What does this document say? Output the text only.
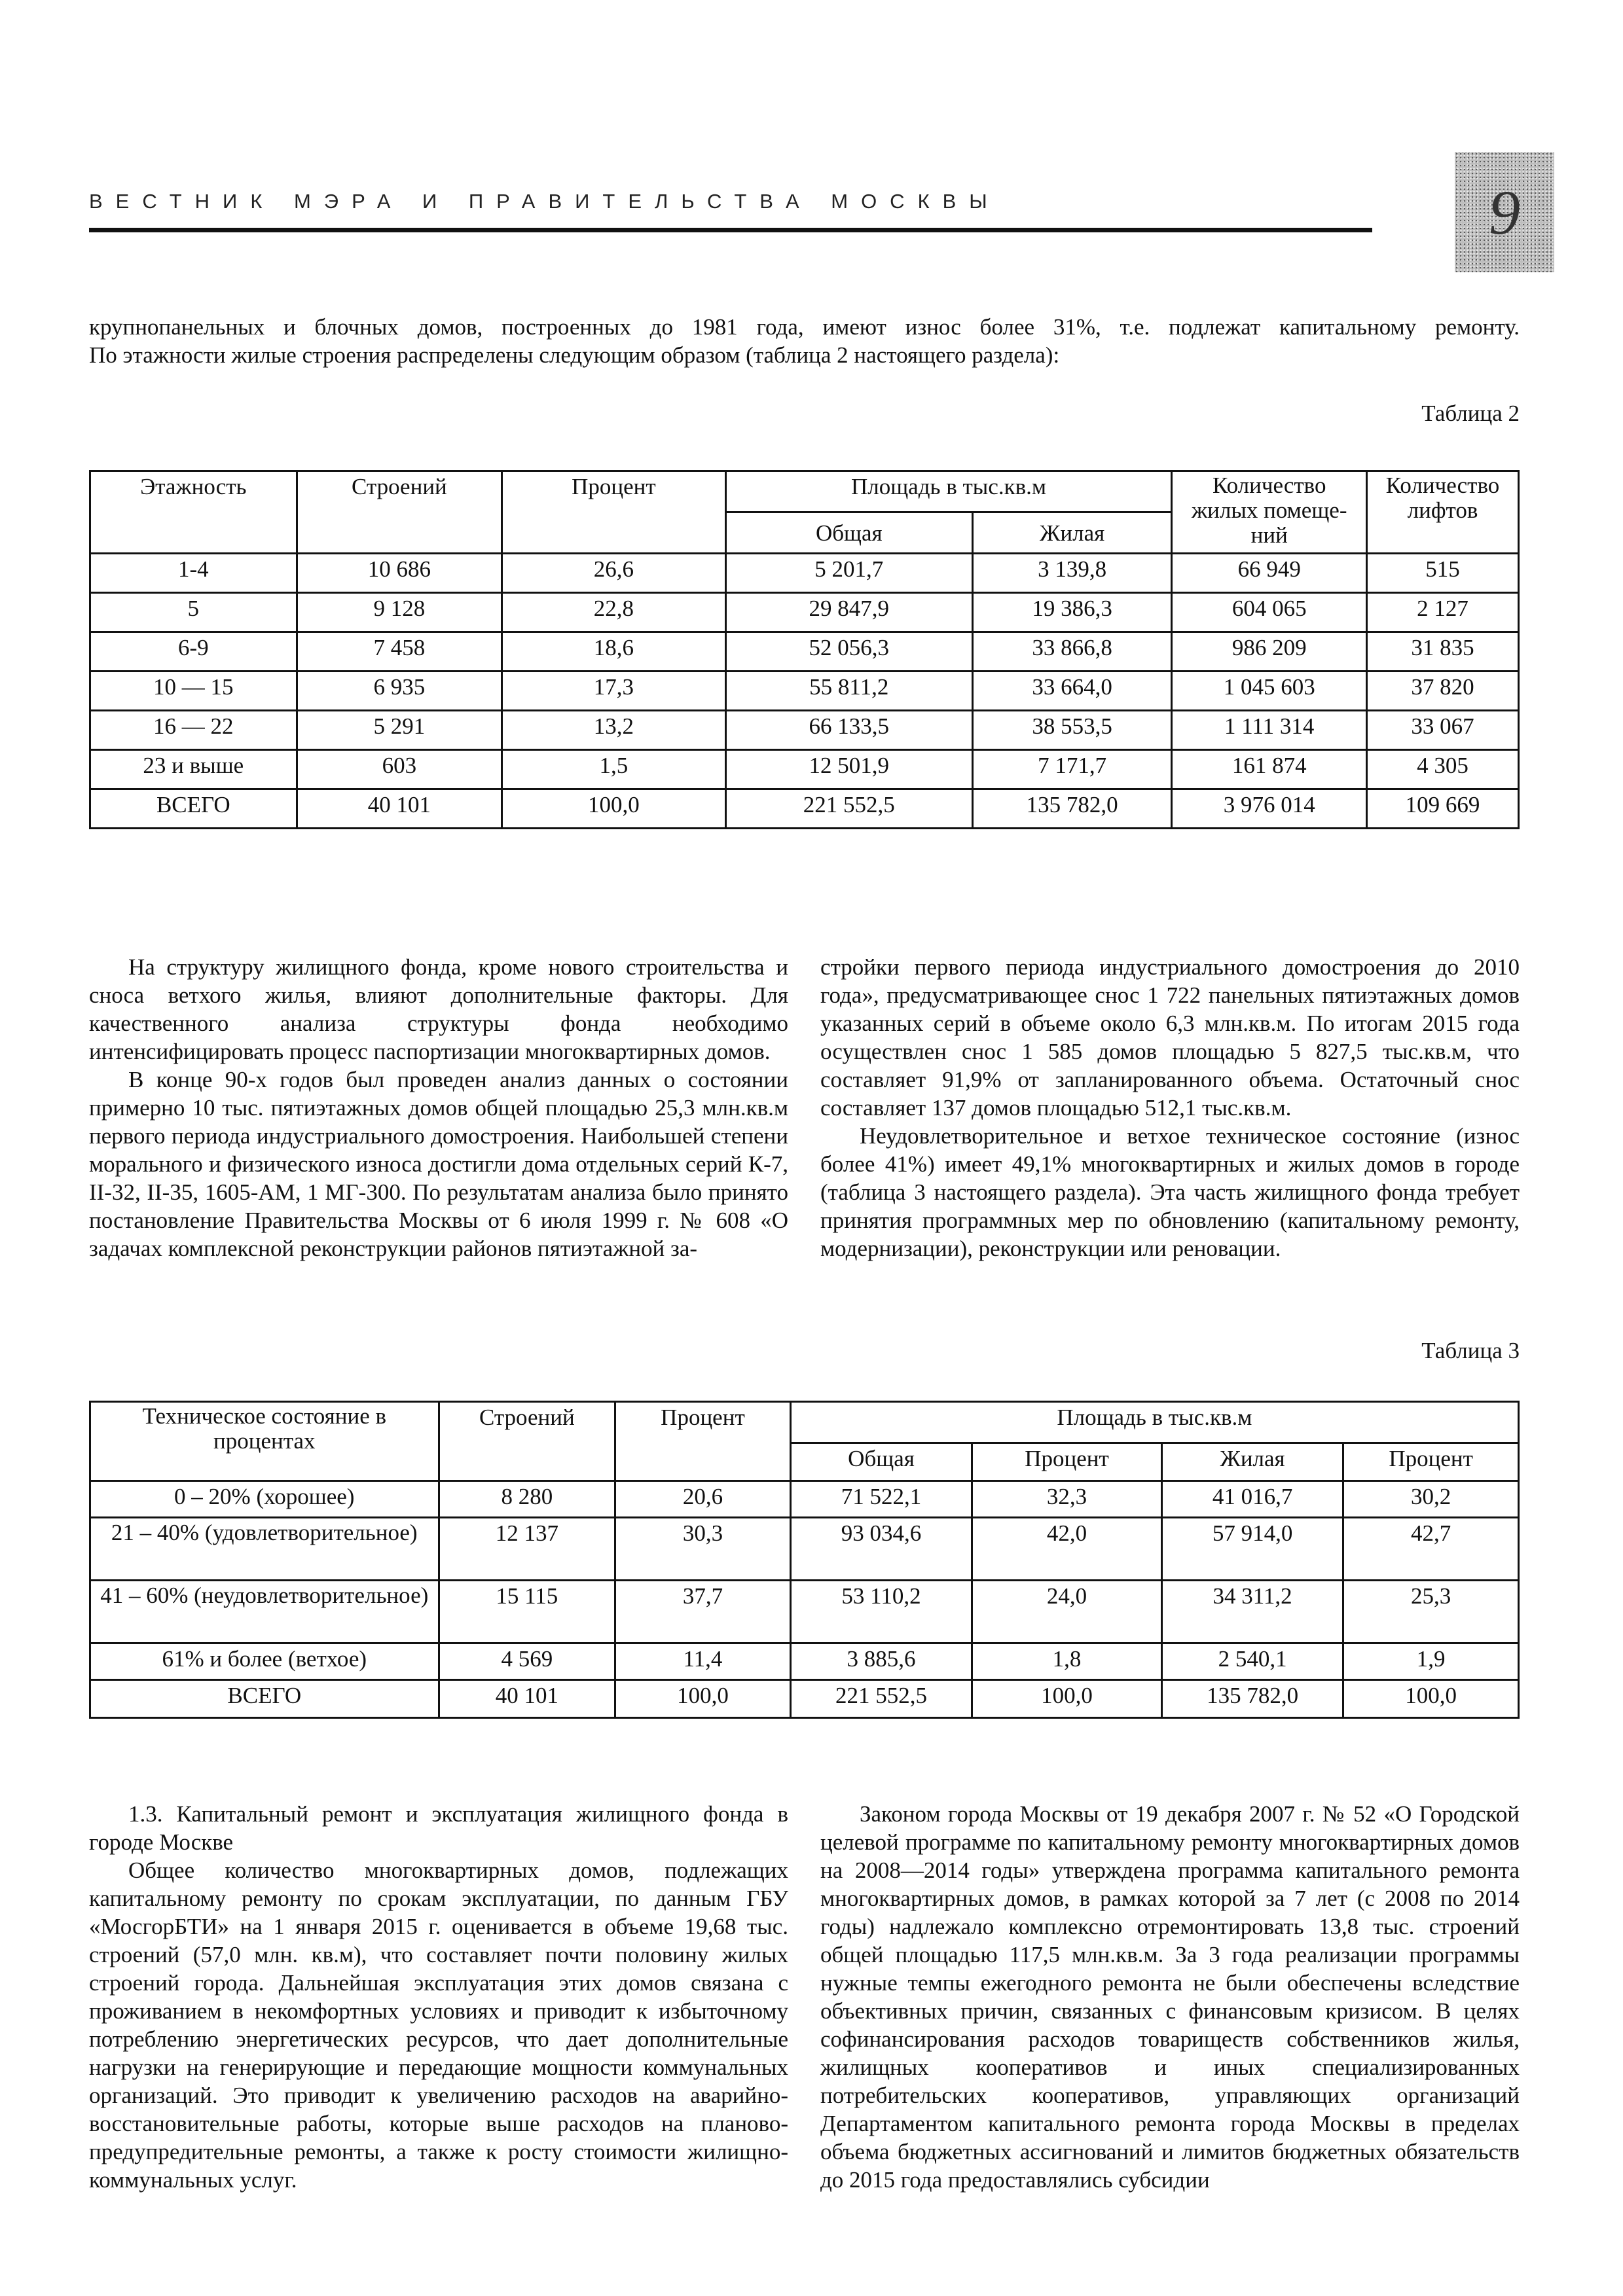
ВЕСТНИК МЭРА И ПРАВИТЕЛЬСТВА МОСКВЫ	9
крупнопанельных и блочных домов, построенных до 1981 года, имеют износ более 31%, т.е. подлежат капитальному ремонту.
По этажности жилые строения распределены следующим образом (таблица 2 настоящего раздела):
Таблица 2
Этажность	Строений	Процент	Площадь в тыс.кв.м		Количество жилых помеще-ний	Количество лифтов
			Общая	Жилая		
1-4	10 686	26,6	5 201,7	3 139,8	66 949	515
5	9 128	22,8	29 847,9	19 386,3	604 065	2 127
6-9	7 458	18,6	52 056,3	33 866,8	986 209	31 835
10 — 15	6 935	17,3	55 811,2	33 664,0	1 045 603	37 820
16 — 22	5 291	13,2	66 133,5	38 553,5	1 111 314	33 067
23 и выше	603	1,5	12 501,9	7 171,7	161 874	4 305
ВСЕГО	40 101	100,0	221 552,5	135 782,0	3 976 014	109 669

На структуру жилищного фонда, кроме нового строительства и сноса ветхого жилья, влияют дополнительные факторы. Для качественного анализа структуры фонда необходимо интенсифицировать процесс паспортизации многоквартирных домов.

В конце 90-х годов был проведен анализ данных о состоянии примерно 10 тыс. пятиэтажных домов общей площадью 25,3 млн.кв.м первого периода индустриального домостроения. Наибольшей степени морального и физического износа достигли дома отдельных серий К-7, II-32, II-35, 1605-АМ, 1 МГ-300. По результатам анализа было принято постановление Правительства Москвы от 6 июля 1999 г. № 608 «О задачах комплексной реконструкции районов пятиэтажной за-

стройки первого периода индустриального домостроения до 2010 года», предусматривающее снос 1 722 панельных пятиэтажных домов указанных серий в объеме около 6,3 млн.кв.м. По итогам 2015 года осуществлен снос 1 585 домов площадью 5 827,5 тыс.кв.м, что составляет 91,9% от запланированного объема. Остаточный снос составляет 137 домов площадью 512,1 тыс.кв.м.

Неудовлетворительное и ветхое техническое состояние (износ более 41%) имеет 49,1% многоквартирных и жилых домов в городе (таблица 3 настоящего раздела). Эта часть жилищного фонда требует принятия программных мер по обновлению (капитальному ремонту, модернизации), реконструкции или реновации.

Таблица 3
Техническое состояние в процентах	Строений	Процент	Площадь в тыс.кв.м			
			Общая	Процент	Жилая	Процент
0 – 20% (хорошее)	8 280	20,6	71 522,1	32,3	41 016,7	30,2
21 – 40% (удовлетворительное)	12 137	30,3	93 034,6	42,0	57 914,0	42,7
41 – 60% (неудовлетворительное)	15 115	37,7	53 110,2	24,0	34 311,2	25,3
61% и более (ветхое)	4 569	11,4	3 885,6	1,8	2 540,1	1,9
ВСЕГО	40 101	100,0	221 552,5	100,0	135 782,0	100,0

1.3. Капитальный ремонт и эксплуатация жилищного фонда в городе Москве

Общее количество многоквартирных домов, подлежащих капитальному ремонту по срокам эксплуатации, по данным ГБУ «МосгорБТИ» на 1 января 2015 г. оценивается в объеме 19,68 тыс. строений (57,0 млн. кв.м), что составляет почти половину жилых строений города. Дальнейшая эксплуатация этих домов связана с проживанием в некомфортных условиях и приводит к избыточному потреблению энергетических ресурсов, что дает дополнительные нагрузки на генерирующие и передающие мощности коммунальных организаций. Это приводит к увеличению расходов на аварийно-восстановительные работы, которые выше расходов на планово-предупредительные ремонты, а также к росту стоимости жилищно-коммунальных услуг.

Законом города Москвы от 19 декабря 2007 г. № 52 «О Городской целевой программе по капитальному ремонту многоквартирных домов на 2008—2014 годы» утверждена программа капитального ремонта многоквартирных домов, в рамках которой за 7 лет (с 2008 по 2014 годы) надлежало комплексно отремонтировать 13,8 тыс. строений общей площадью 117,5 млн.кв.м. За 3 года реализации программы нужные темпы ежегодного ремонта не были обеспечены вследствие объективных причин, связанных с финансовым кризисом. В целях софинансирования расходов товариществ собственников жилья, жилищных кооперативов и иных специализированных потребительских кооперативов, управляющих организаций Департаментом капитального ремонта города Москвы в пределах объема бюджетных ассигнований и лимитов бюджетных обязательств до 2015 года предоставлялись субсидии
